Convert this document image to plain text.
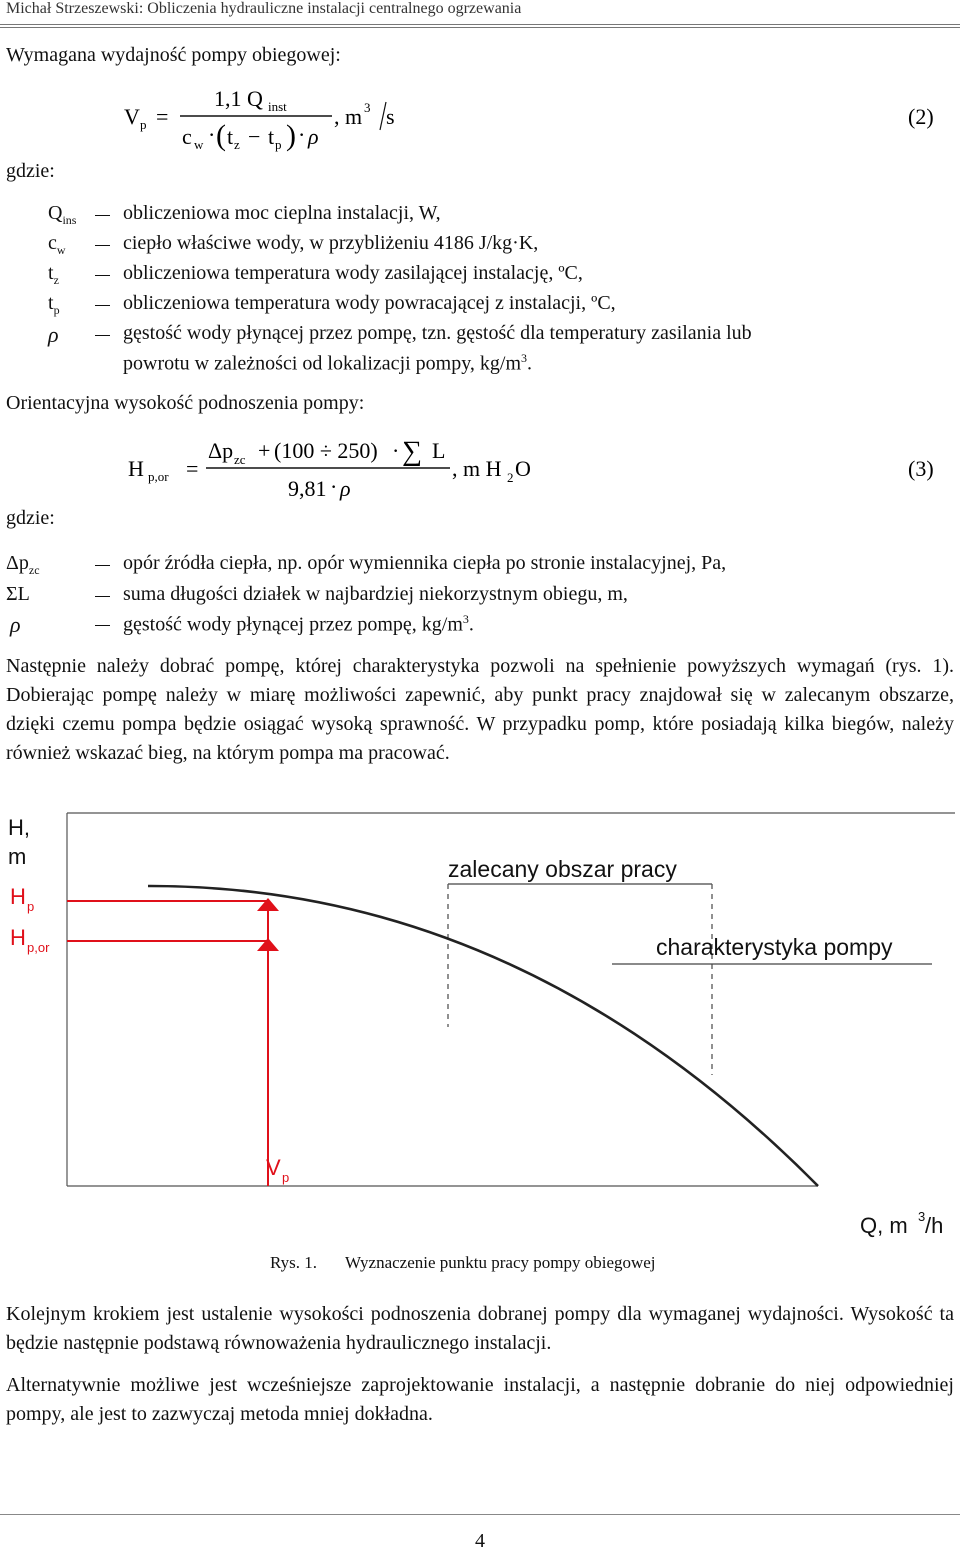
Michał Strzeszewski: Obliczenia hydrauliczne instalacji centralnego ogrzewania
Wymagana wydajność pompy obiegowej:
V p =
1,1 Q inst
c w · ( t z − t p ) · ρ
, m 3 s	(2)
gdzie:
$Q_{ins}$ obliczeniowa moc cieplna instalacji, W,
$c_w$	ciepło właściwe wody, w przybliżeniu 4186 J/kg·K,
$t_z$	obliczeniowa temperatura wody zasilającej instalację, ºC,
$t_p$	obliczeniowa temperatura wody powracającej z instalacji, ºC,
ρ	gęstość wody płynącej przez pompę, tzn. gęstość dla temperatury zasilania lub
powrotu w zależności od lokalizacji pompy, $kg/m^3$.
Orientacyjna wysokość podnoszenia pompy:
H p,or =
Δp zc + (100 ÷ 250) · ∑ L
9,81 · ρ
, m H 2 O	(3)
gdzie:
$\Delta p_{zc}$	opór źródła ciepła, np. opór wymiennika ciepła po stronie instalacyjnej, Pa,
ΣL	suma długości działek w najbardziej niekorzystnym obiegu, m,
ρ	gęstość wody płynącej przez pompę, $kg/m^3$.
Następnie należy dobrać pompę, której charakterystyka pozwoli na spełnienie powyższych wymagań (rys. 1). Dobierając pompę należy w miarę możliwości zapewnić, aby punkt pracy znajdował się w zalecanym obszarze, dzięki czemu pompa będzie osiągać wysoką sprawność. W przypadku pomp, które posiadają kilka biegów, należy również wskazać bieg, na którym pompa ma pracować.
H,
m
H p
H p,or
V p
zalecany obszar pracy
charakterystyka pompy
Q, m 3 /h
Rys. 1. Wyznaczenie punktu pracy pompy obiegowej
Kolejnym krokiem jest ustalenie wysokości podnoszenia dobranej pompy dla wymaganej wydajności. Wysokość ta będzie następnie podstawą równoważenia hydraulicznego instalacji.
Alternatywnie możliwe jest wcześniejsze zaprojektowanie instalacji, a następnie dobranie do niej odpowiedniej pompy, ale jest to zazwyczaj metoda mniej dokładna.
4
